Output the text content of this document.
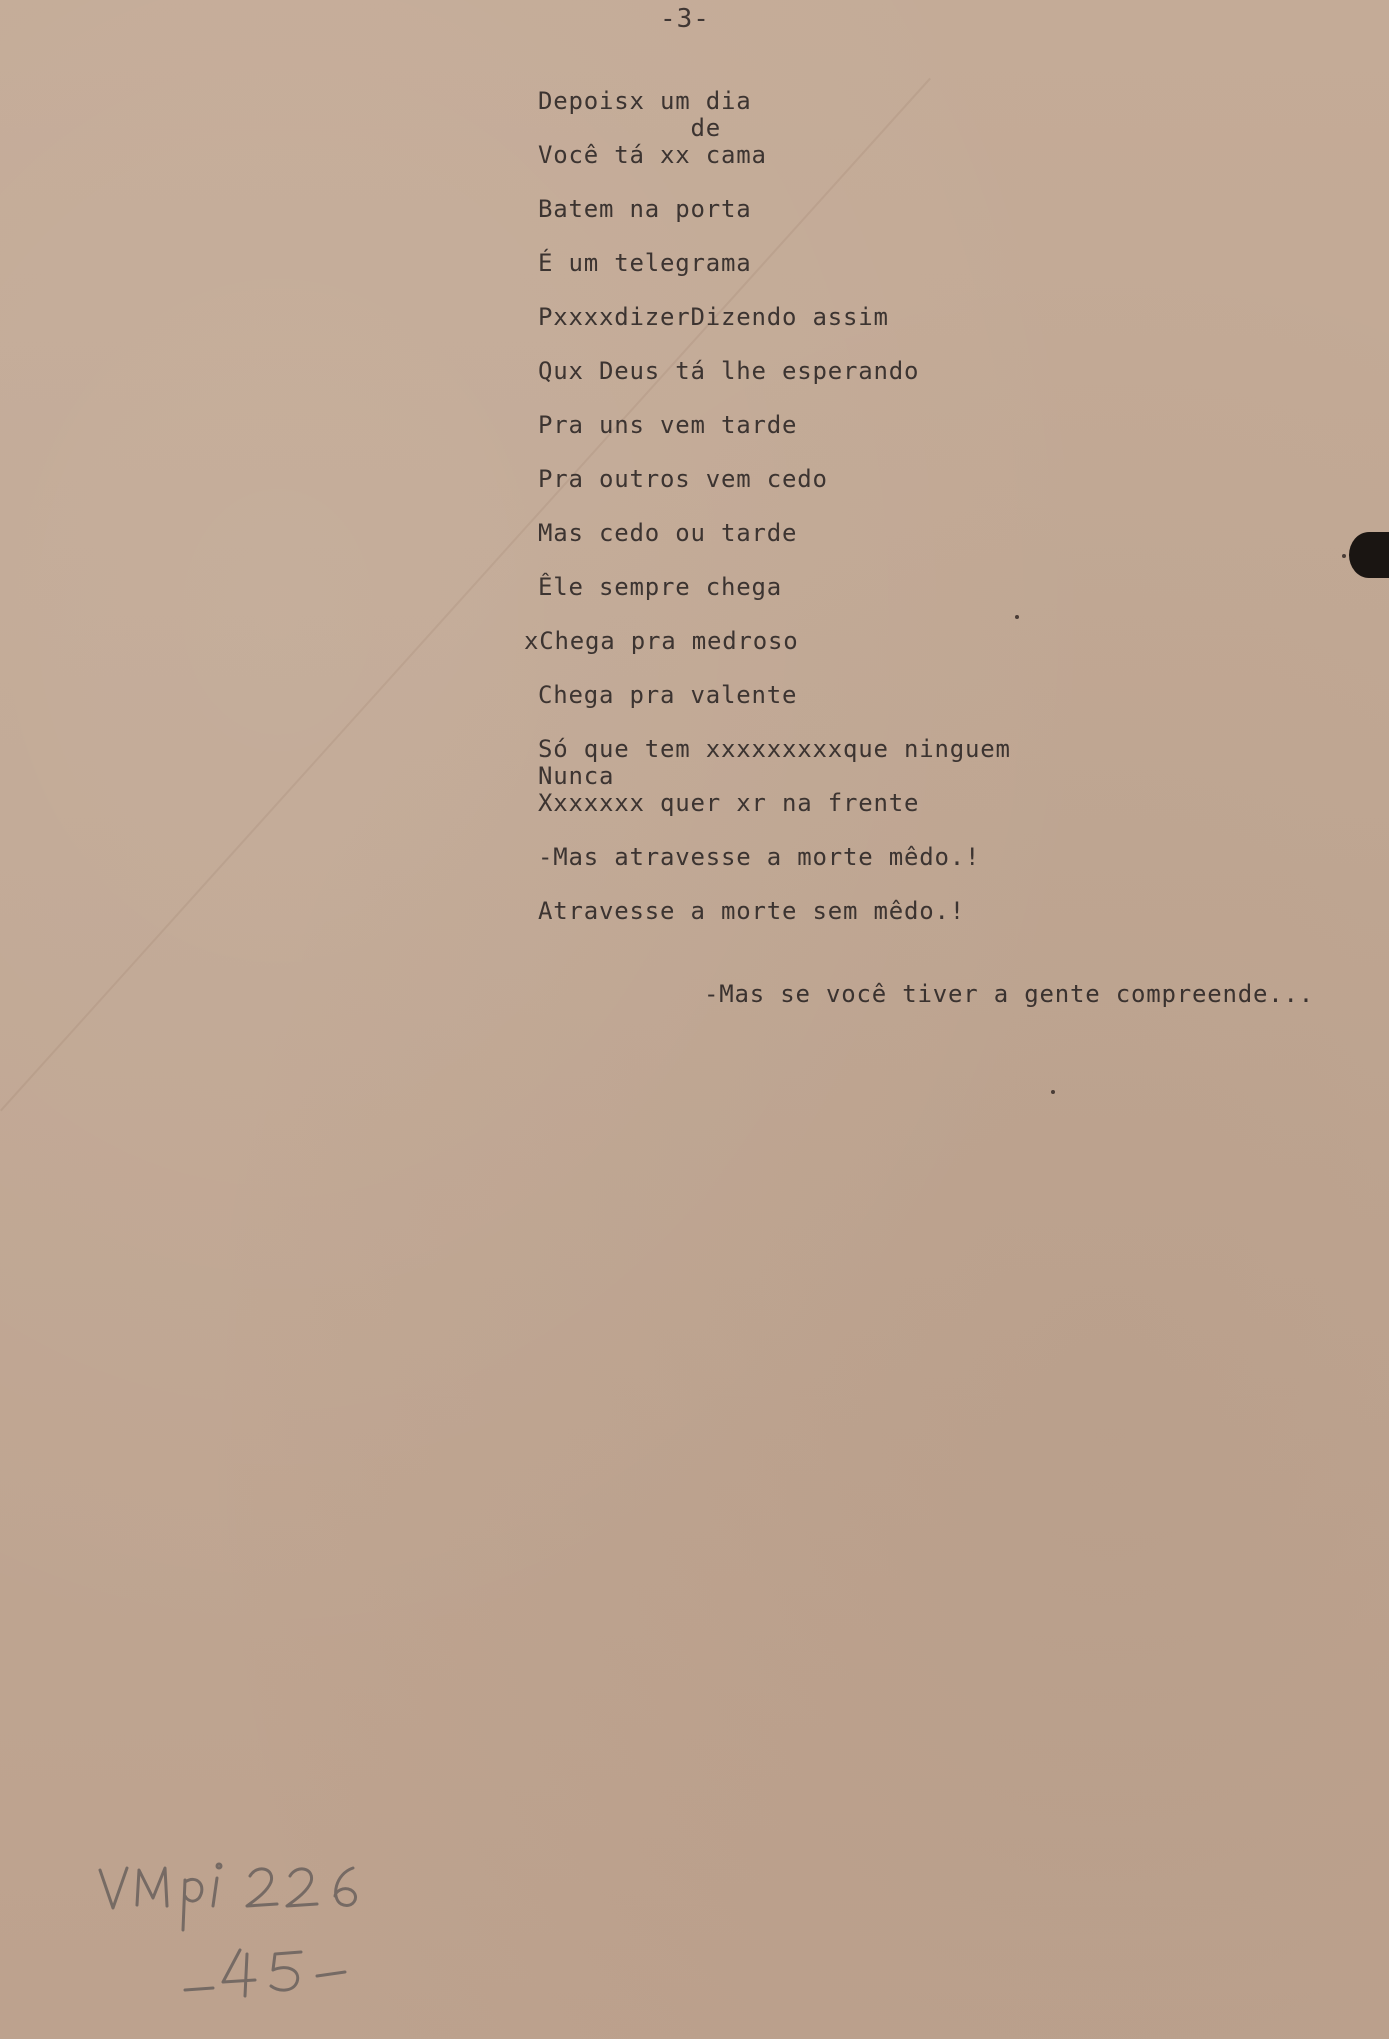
-3-
Depoisx um dia
de
Você tá xx cama
Batem na porta
É um telegrama
PxxxxdizerDizendo assim
Qux Deus tá lhe esperando
Pra uns vem tarde
Pra outros vem cedo
Mas cedo ou tarde
Êle sempre chega
xChega pra medroso
Chega pra valente
Só que tem xxxxxxxxxque ninguem
Nunca
Xxxxxxx quer xr na frente
-Mas atravesse a morte mêdo.!
Atravesse a morte sem mêdo.!
-Mas se você tiver a gente compreende...
